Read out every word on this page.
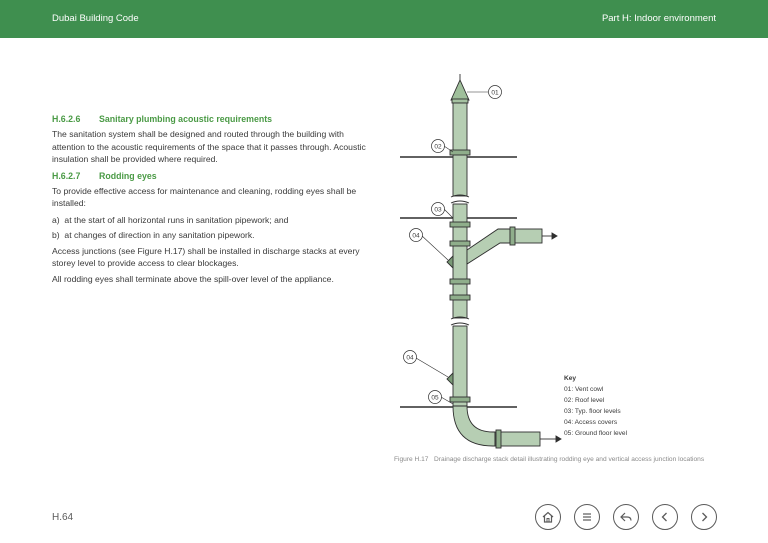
Dubai Building Code	Part H: Indoor environment
H.6.2.6	Sanitary plumbing acoustic requirements

The sanitation system shall be designed and routed through the building with attention to the acoustic requirements of the space that it passes through. Acoustic insulation shall be provided where required.

H.6.2.7	Rodding eyes

To provide effective access for maintenance and cleaning, rodding eyes shall be installed:

a)  at the start of all horizontal runs in sanitation pipework; and

b)  at changes of direction in any sanitation pipework.

Access junctions (see Figure H.17) shall be installed in discharge stacks at every storey level to provide access to clear blockages.

All rodding eyes shall terminate above the spill-over level of the appliance.

01
02
03
04
04
05
Key
01: Vent cowl
02: Roof level
03: Typ. floor levels
04: Access covers
05: Ground floor level
Figure H.17 Drainage discharge stack detail illustrating rodding eye and vertical access junction locations
H.64
